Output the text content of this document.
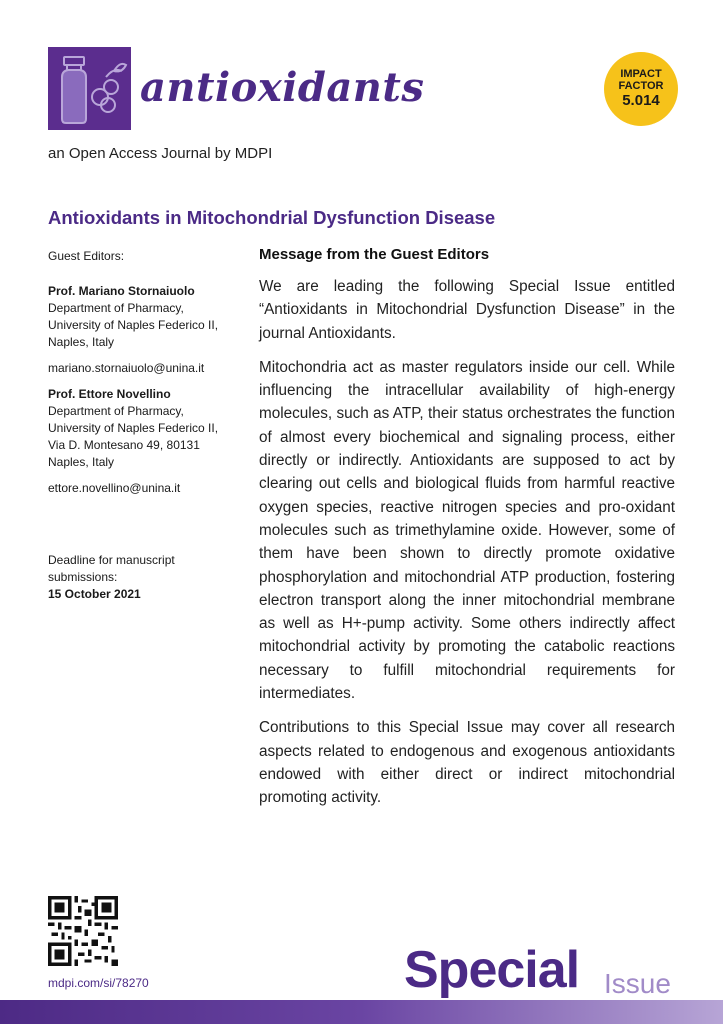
antioxidants
an Open Access Journal by MDPI
IMPACT
FACTOR
5.014
Antioxidants in Mitochondrial Dysfunction Disease
Guest Editors:
Prof. Mariano Stornaiuolo
Department of Pharmacy,
University of Naples Federico II,
Naples, Italy
mariano.stornaiuolo@unina.it
Prof. Ettore Novellino
Department of Pharmacy,
University of Naples Federico II,
Via D. Montesano 49, 80131
Naples, Italy
ettore.novellino@unina.it
Deadline for manuscript
submissions:
15 October 2021
Message from the Guest Editors

We are leading the following Special Issue entitled “Antioxidants in Mitochondrial Dysfunction Disease” in the journal Antioxidants.

Mitochondria act as master regulators inside our cell. While influencing the intracellular availability of high-energy molecules, such as ATP, their status orchestrates the function of almost every biochemical and signaling process, either directly or indirectly. Antioxidants are supposed to act by clearing out cells and biological fluids from harmful reactive oxygen species, reactive nitrogen species and pro-oxidant molecules such as trimethylamine oxide. However, some of them have been shown to directly promote oxidative phosphorylation and mitochondrial ATP production, fostering electron transport along the inner mitochondrial membrane as well as H+-pump activity. Some others indirectly affect mitochondrial activity by promoting the catabolic reactions necessary to fulfill mitochondrial requirements for intermediates.

Contributions to this Special Issue may cover all research aspects related to endogenous and exogenous antioxidants endowed with either direct or indirect mitochondrial promoting activity.

mdpi.com/si/78270	Special Issue
